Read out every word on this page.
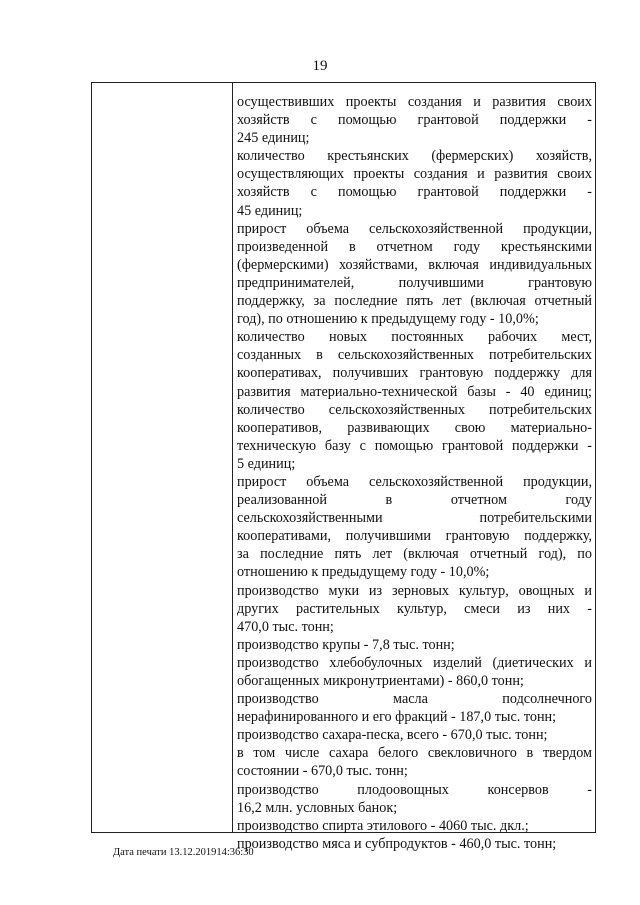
19
осуществивших проекты создания и развития своих
хозяйств с помощью грантовой поддержки -
245 единиц;
количество крестьянских (фермерских) хозяйств,
осуществляющих проекты создания и развития своих
хозяйств с помощью грантовой поддержки -
45 единиц;
прирост объема сельскохозяйственной продукции,
произведенной в отчетном году крестьянскими
(фермерскими) хозяйствами, включая индивидуальных
предпринимателей, получившими грантовую
поддержку, за последние пять лет (включая отчетный
год), по отношению к предыдущему году - 10,0%;
количество новых постоянных рабочих мест,
созданных в сельскохозяйственных потребительских
кооперативах, получивших грантовую поддержку для
развития материально-технической базы - 40 единиц;
количество сельскохозяйственных потребительских
кооперативов, развивающих свою материально-
техническую базу с помощью грантовой поддержки -
5 единиц;
прирост объема сельскохозяйственной продукции,
реализованной в отчетном году
сельскохозяйственными потребительскими
кооперативами, получившими грантовую поддержку,
за последние пять лет (включая отчетный год), по
отношению к предыдущему году - 10,0%;
производство муки из зерновых культур, овощных и
других растительных культур, смеси из них -
470,0 тыс. тонн;
производство крупы - 7,8 тыс. тонн;
производство хлебобулочных изделий (диетических и
обогащенных микронутриентами) - 860,0 тонн;
производство масла подсолнечного
нерафинированного и его фракций - 187,0 тыс. тонн;
производство сахара-песка, всего - 670,0 тыс. тонн;
в том числе сахара белого свекловичного в твердом
состоянии - 670,0 тыс. тонн;
производство плодоовощных консервов -
16,2 млн. условных банок;
производство спирта этилового - 4060 тыс. дкл.;
производство мяса и субпродуктов - 460,0 тыс. тонн;
Дата печати 13.12.201914:36:30
